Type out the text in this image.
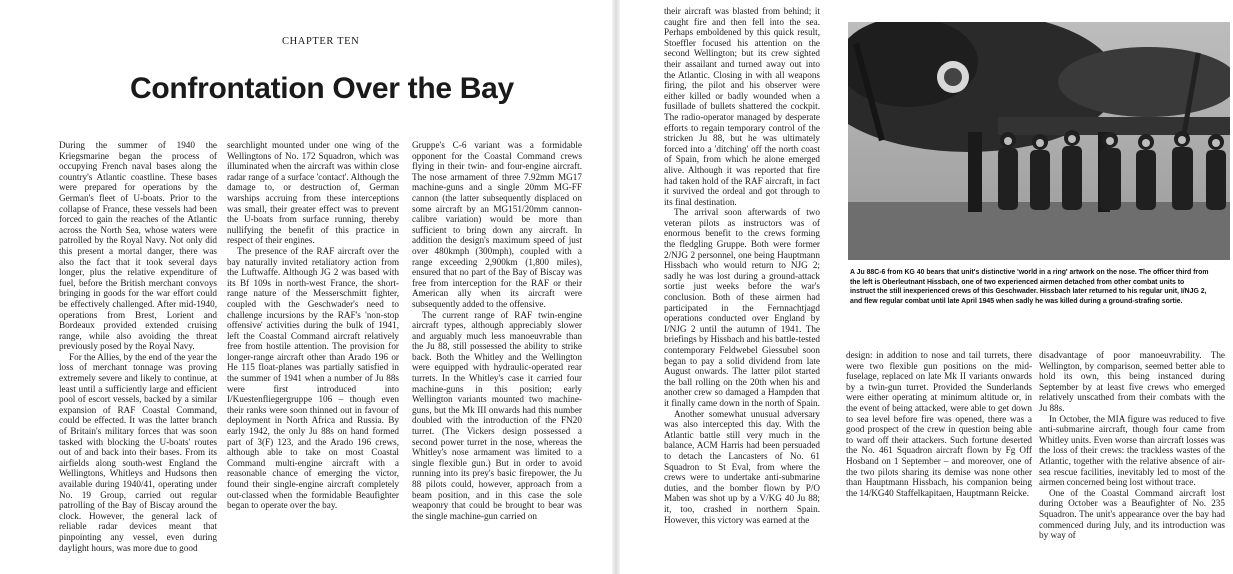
CHAPTER TEN
Confrontation Over the Bay

During the summer of 1940 the Kriegsmarine began the process of occupying French naval bases along the country's Atlantic coastline. These bases were prepared for operations by the German's fleet of U-boats. Prior to the collapse of France, these vessels had been forced to gain the reaches of the Atlantic across the North Sea, whose waters were patrolled by the Royal Navy. Not only did this present a mortal danger, there was also the fact that it took several days longer, plus the relative expenditure of fuel, before the British merchant convoys bringing in goods for the war effort could be effectively challenged. After mid-1940, operations from Brest, Lorient and Bordeaux provided extended cruising range, while also avoiding the threat previously posed by the Royal Navy.

For the Allies, by the end of the year the loss of merchant tonnage was proving extremely severe and likely to continue, at least until a sufficiently large and efficient pool of escort vessels, backed by a similar expansion of RAF Coastal Command, could be effected. It was the latter branch of Britain's military forces that was soon tasked with blocking the U-boats' routes out of and back into their bases. From its airfields along south-west England the Wellingtons, Whitleys and Hudsons then available during 1940/41, operating under No. 19 Group, carried out regular patrolling of the Bay of Biscay around the clock. However, the general lack of reliable radar devices meant that pinpointing any vessel, even during daylight hours, was more due to good

searchlight mounted under one wing of the Wellingtons of No. 172 Squadron, which was illuminated when the aircraft was within close radar range of a surface 'contact'. Although the damage to, or destruction of, German warships accruing from these interceptions was small, their greater effect was to prevent the U-boats from surface running, thereby nullifying the benefit of this practice in respect of their engines.

The presence of the RAF aircraft over the bay naturally invited retaliatory action from the Luftwaffe. Although JG 2 was based with its Bf 109s in north-west France, the short-range nature of the Messerschmitt fighter, coupled with the Geschwader's need to challenge incursions by the RAF's 'non-stop offensive' activities during the bulk of 1941, left the Coastal Command aircraft relatively free from hostile attention. The provision for longer-range aircraft other than Arado 196 or He 115 float-planes was partially satisfied in the summer of 1941 when a number of Ju 88s were first introduced into I/Kuestenfliegergruppe 106 – though even their ranks were soon thinned out in favour of deployment in North Africa and Russia. By early 1942, the only Ju 88s on hand formed part of 3(F) 123, and the Arado 196 crews, although able to take on most Coastal Command multi-engine aircraft with a reasonable chance of emerging the victor, found their single-engine aircraft completely out-classed when the formidable Beaufighter began to operate over the bay.

Gruppe's C-6 variant was a formidable opponent for the Coastal Command crews flying in their twin- and four-engine aircraft. The nose armament of three 7.92mm MG17 machine-guns and a single 20mm MG-FF cannon (the latter subsequently displaced on some aircraft by an MG151/20mm cannon-calibre variation) would be more than sufficient to bring down any aircraft. In addition the design's maximum speed of just over 480kmph (300mph), coupled with a range exceeding 2,900km (1,800 miles), ensured that no part of the Bay of Biscay was free from interception for the RAF or their American ally when its aircraft were subsequently added to the offensive.

The current range of RAF twin-engine aircraft types, although appreciably slower and arguably much less manoeuvrable than the Ju 88, still possessed the ability to strike back. Both the Whitley and the Wellington were equipped with hydraulic-operated rear turrets. In the Whitley's case it carried four machine-guns in this position; early Wellington variants mounted two machine-guns, but the Mk III onwards had this number doubled with the introduction of the FN20 turret. (The Vickers design possessed a second power turret in the nose, whereas the Whitley's nose armament was limited to a single flexible gun.) But in order to avoid running into its prey's basic firepower, the Ju 88 pilots could, however, approach from a beam position, and in this case the sole weaponry that could be brought to bear was the single machine-gun carried on

their aircraft was blasted from behind; it caught fire and then fell into the sea. Perhaps emboldened by this quick result, Stoeffler focused his attention on the second Wellington; but its crew sighted their assailant and turned away out into the Atlantic. Closing in with all weapons firing, the pilot and his observer were either killed or badly wounded when a fusillade of bullets shattered the cockpit. The radio-operator managed by desperate efforts to regain temporary control of the stricken Ju 88, but he was ultimately forced into a 'ditching' off the north coast of Spain, from which he alone emerged alive. Although it was reported that fire had taken hold of the RAF aircraft, in fact it survived the ordeal and got through to its final destination.

The arrival soon afterwards of two veteran pilots as instructors was of enormous benefit to the crews forming the fledgling Gruppe. Both were former 2/NJG 2 personnel, one being Hauptmann Hissbach who would return to NJG 2; sadly he was lost during a ground-attack sortie just weeks before the war's conclusion. Both of these airmen had participated in the Fernnachtjagd operations conducted over England by I/NJG 2 until the autumn of 1941. The briefings by Hissbach and his battle-tested contemporary Feldwebel Giessubel soon began to pay a solid dividend from late August onwards. The latter pilot started the ball rolling on the 20th when his and another crew so damaged a Hampden that it finally came down in the north of Spain.

Another somewhat unusual adversary was also intercepted this day. With the Atlantic battle still very much in the balance, ACM Harris had been persuaded to detach the Lancasters of No. 61 Squadron to St Eval, from where the crews were to undertake anti-submarine duties, and the bomber flown by P/O Maben was shot up by a V/KG 40 Ju 88; it, too, crashed in northern Spain. However, this victory was earned at the

A Ju 88C-6 from KG 40 bears that unit's distinctive 'world in a ring' artwork on the nose. The officer third from the left is Oberleutnant Hissbach, one of two experienced airmen detached from other combat units to instruct the still inexperienced crews of this Geschwader. Hissbach later returned to his regular unit, I/NJG 2, and flew regular combat until late April 1945 when sadly he was killed during a ground-strafing sortie.

design: in addition to nose and tail turrets, there were two flexible gun positions on the mid-fuselage, replaced on late Mk II variants onwards by a twin-gun turret. Provided the Sunderlands were either operating at minimum altitude or, in the event of being attacked, were able to get down to sea level before fire was opened, there was a good prospect of the crew in question being able to ward off their attackers. Such fortune deserted the No. 461 Squadron aircraft flown by Fg Off Hosband on 1 September – and moreover, one of the two pilots sharing its demise was none other than Hauptmann Hissbach, his companion being the 14/KG40 Staffelkapitaen, Hauptmann Reicke.

disadvantage of poor manoeuvrability. The Wellington, by comparison, seemed better able to hold its own, this being instanced during September by at least five crews who emerged relatively unscathed from their combats with the Ju 88s.

In October, the MIA figure was reduced to five anti-submarine aircraft, though four came from Whitley units. Even worse than aircraft losses was the loss of their crews: the trackless wastes of the Atlantic, together with the relative absence of air-sea rescue facilities, inevitably led to most of the airmen concerned being lost without trace.

One of the Coastal Command aircraft lost during October was a Beaufighter of No. 235 Squadron. The unit's appearance over the bay had commenced during July, and its introduction was by way of
